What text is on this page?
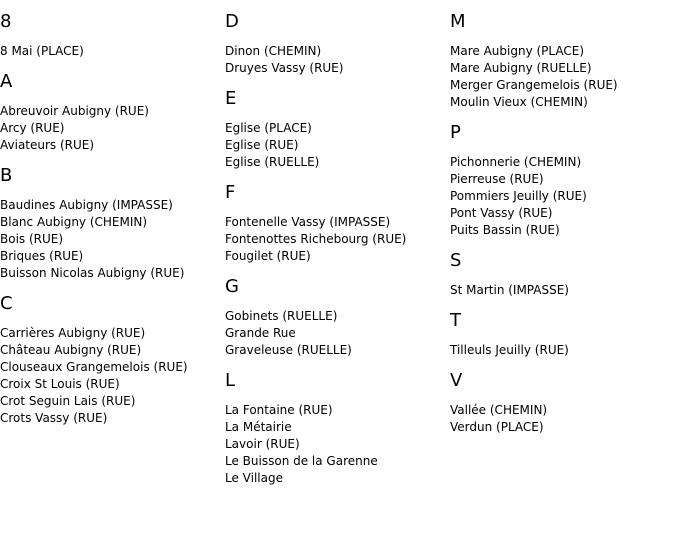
8
8 Mai (PLACE)
A
Abreuvoir Aubigny (RUE)
Arcy (RUE)
Aviateurs (RUE)
B
Baudines Aubigny (IMPASSE)
Blanc Aubigny (CHEMIN)
Bois (RUE)
Briques (RUE)
Buisson Nicolas Aubigny (RUE)
C
Carrières Aubigny (RUE)
Château Aubigny (RUE)
Clouseaux Grangemelois (RUE)
Croix St Louis (RUE)
Crot Seguin Lais (RUE)
Crots Vassy (RUE)
D
Dinon (CHEMIN)
Druyes Vassy (RUE)
E
Eglise (PLACE)
Eglise (RUE)
Eglise (RUELLE)
F
Fontenelle Vassy (IMPASSE)
Fontenottes Richebourg (RUE)
Fougilet (RUE)
G
Gobinets (RUELLE)
Grande Rue
Graveleuse (RUELLE)
L
La Fontaine (RUE)
La Métairie
Lavoir (RUE)
Le Buisson de la Garenne
Le Village
M
Mare Aubigny (PLACE)
Mare Aubigny (RUELLE)
Merger Grangemelois (RUE)
Moulin Vieux (CHEMIN)
P
Pichonnerie (CHEMIN)
Pierreuse (RUE)
Pommiers Jeuilly (RUE)
Pont Vassy (RUE)
Puits Bassin (RUE)
S
St Martin (IMPASSE)
T
Tilleuls Jeuilly (RUE)
V
Vallée (CHEMIN)
Verdun (PLACE)
